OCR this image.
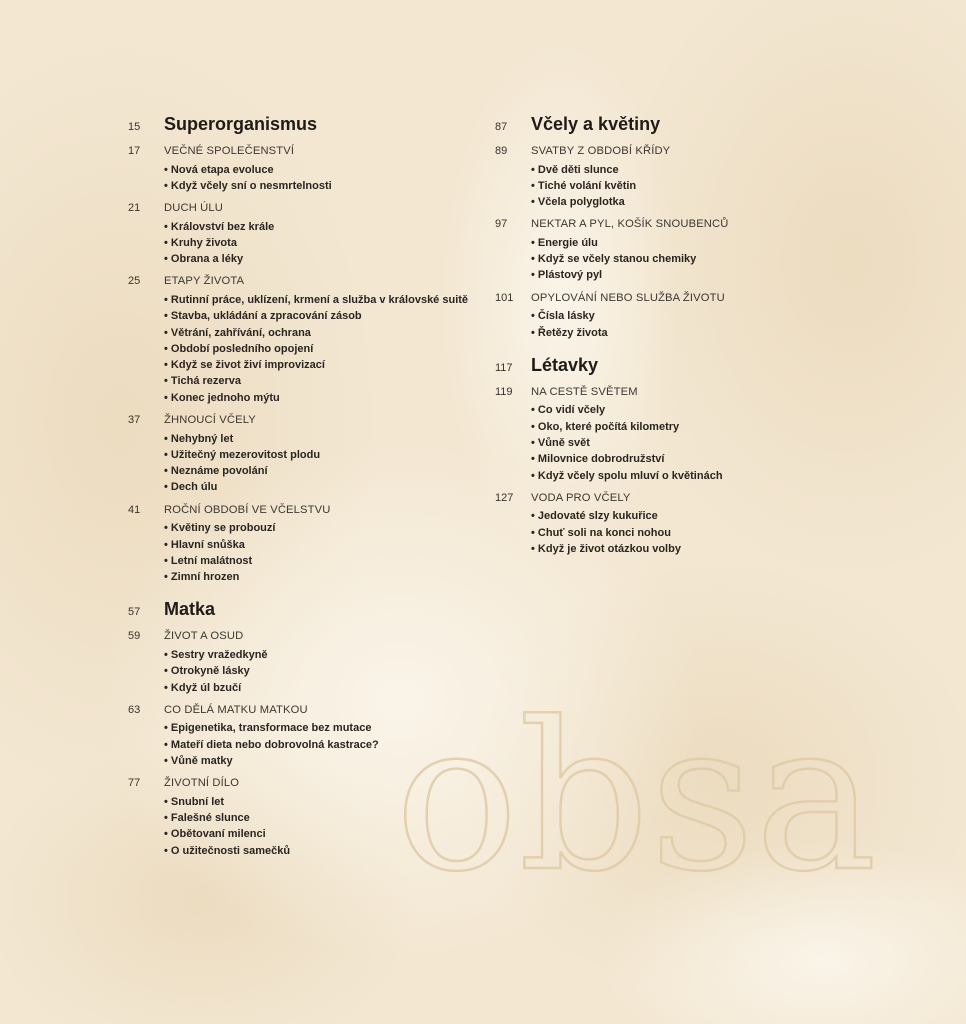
obsa
15	Superorganismus
17	VEČNÉ SPOLEČENSTVÍ
• Nová etapa evoluce
• Když včely sní o nesmrtelnosti
21	DUCH ÚLU
• Království bez krále
• Kruhy života
• Obrana a léky
25	ETAPY ŽIVOTA
• Rutinní práce, uklízení, krmení a služba v královské suitě
• Stavba, ukládání a zpracování zásob
• Větrání, zahřívání, ochrana
• Období posledního opojení
• Když se život živí improvizací
• Tichá rezerva
• Konec jednoho mýtu
37	ŽHNOUCÍ VČELY
• Nehybný let
• Užitečný mezerovitost plodu
• Neznáme povolání
• Dech úlu
41	ROČNÍ OBDOBÍ VE VČELSTVU
• Květiny se probouzí
• Hlavní snůška
• Letní malátnost
• Zimní hrozen
57	Matka
59	ŽIVOT A OSUD
• Sestry vražedkyně
• Otrokyně lásky
• Když úl bzučí
63	CO DĚLÁ MATKU MATKOU
• Epigenetika, transformace bez mutace
• Mateří dieta nebo dobrovolná kastrace?
• Vůně matky
77	ŽIVOTNÍ DÍLO
• Snubní let
• Falešné slunce
• Obětovaní milenci
• O užitečnosti samečků
87	Včely a květiny
89	SVATBY Z OBDOBÍ KŘÍDY
• Dvě děti slunce
• Tiché volání květin
• Včela polyglotka
97	NEKTAR A PYL, KOŠÍK SNOUBENCŮ
• Energie úlu
• Když se včely stanou chemiky
• Plástový pyl
101	OPYLOVÁNÍ NEBO SLUŽBA ŽIVOTU
• Čísla lásky
• Řetězy života
117	Létavky
119	NA CESTĚ SVĚTEM
• Co vidí včely
• Oko, které počítá kilometry
• Vůně svět
• Milovnice dobrodružství
• Když včely spolu mluví o květinách
127	VODA PRO VČELY
• Jedovaté slzy kukuřice
• Chuť soli na konci nohou
• Když je život otázkou volby
